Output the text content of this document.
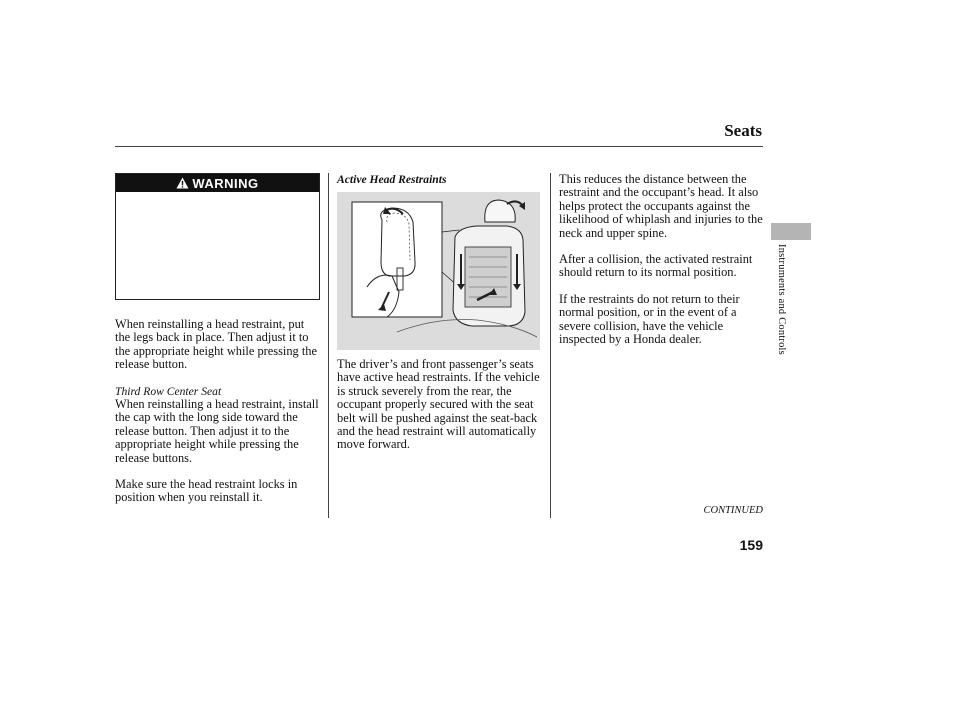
Seats
WARNING

When reinstalling a head restraint, put the legs back in place. Then adjust it to the appropriate height while pressing the release button.

Third Row Center Seat

When reinstalling a head restraint, install the cap with the long side toward the release button. Then adjust it to the appropriate height while pressing the release buttons.

Make sure the head restraint locks in position when you reinstall it.

Active Head Restraints

The driver’s and front passenger’s seats have active head restraints. If the vehicle is struck severely from the rear, the occupant properly secured with the seat belt will be pushed against the seat-back and the head restraint will automatically move forward.

This reduces the distance between the restraint and the occupant’s head. It also helps protect the occupants against the likelihood of whiplash and injuries to the neck and upper spine.

After a collision, the activated restraint should return to its normal position.

If the restraints do not return to their normal position, or in the event of a severe collision, have the vehicle inspected by a Honda dealer.	Instruments and Controls
CONTINUED
159
